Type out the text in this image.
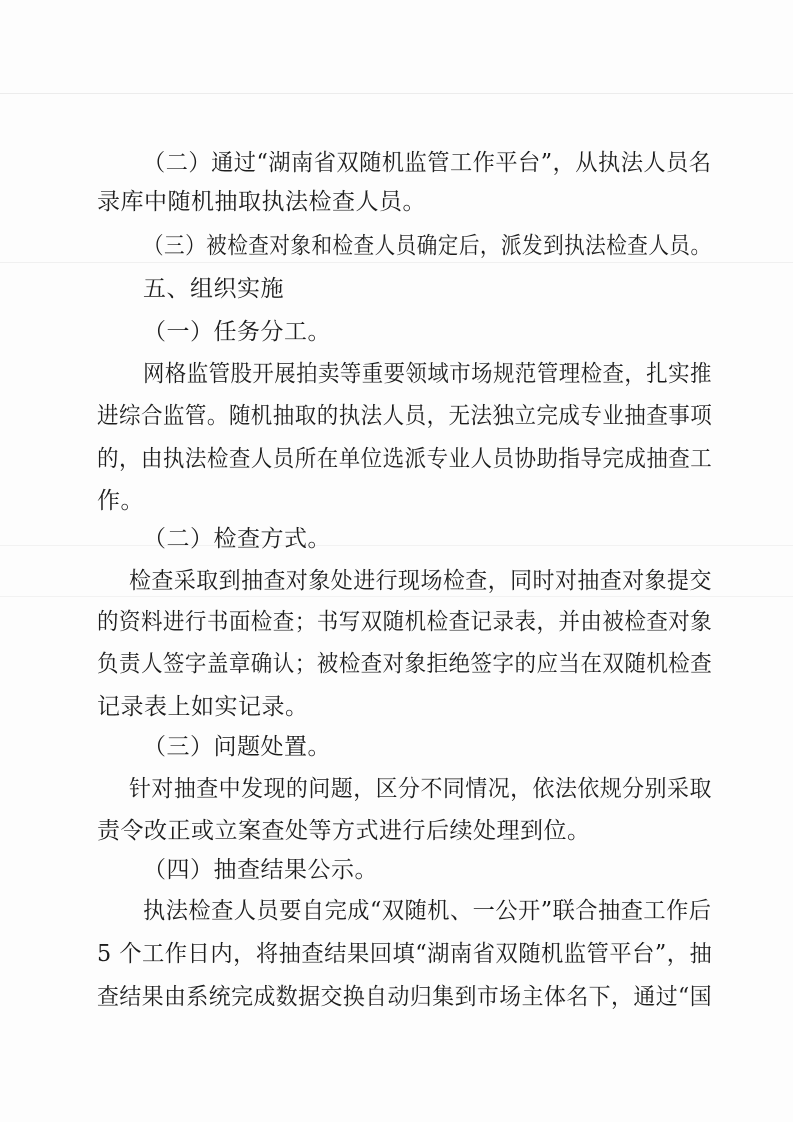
（二）通过“湖南省双随机监管工作平台”，从执法人员名
录库中随机抽取执法检查人员。
（三）被检查对象和检查人员确定后，派发到执法检查人员。
五、组织实施
（一）任务分工。
网格监管股开展拍卖等重要领域市场规范管理检查，扎实推
进综合监管。随机抽取的执法人员，无法独立完成专业抽查事项
的，由执法检查人员所在单位选派专业人员协助指导完成抽查工
作。
（二）检查方式。
检查采取到抽查对象处进行现场检查，同时对抽查对象提交
的资料进行书面检查；书写双随机检查记录表，并由被检查对象
负责人签字盖章确认；被检查对象拒绝签字的应当在双随机检查
记录表上如实记录。
（三）问题处置。
针对抽查中发现的问题，区分不同情况，依法依规分别采取
责令改正或立案查处等方式进行后续处理到位。
（四）抽查结果公示。
执法检查人员要自完成“双随机、一公开”联合抽查工作后
5 个工作日内，将抽查结果回填“湖南省双随机监管平台”，抽
查结果由系统完成数据交换自动归集到市场主体名下，通过“国
